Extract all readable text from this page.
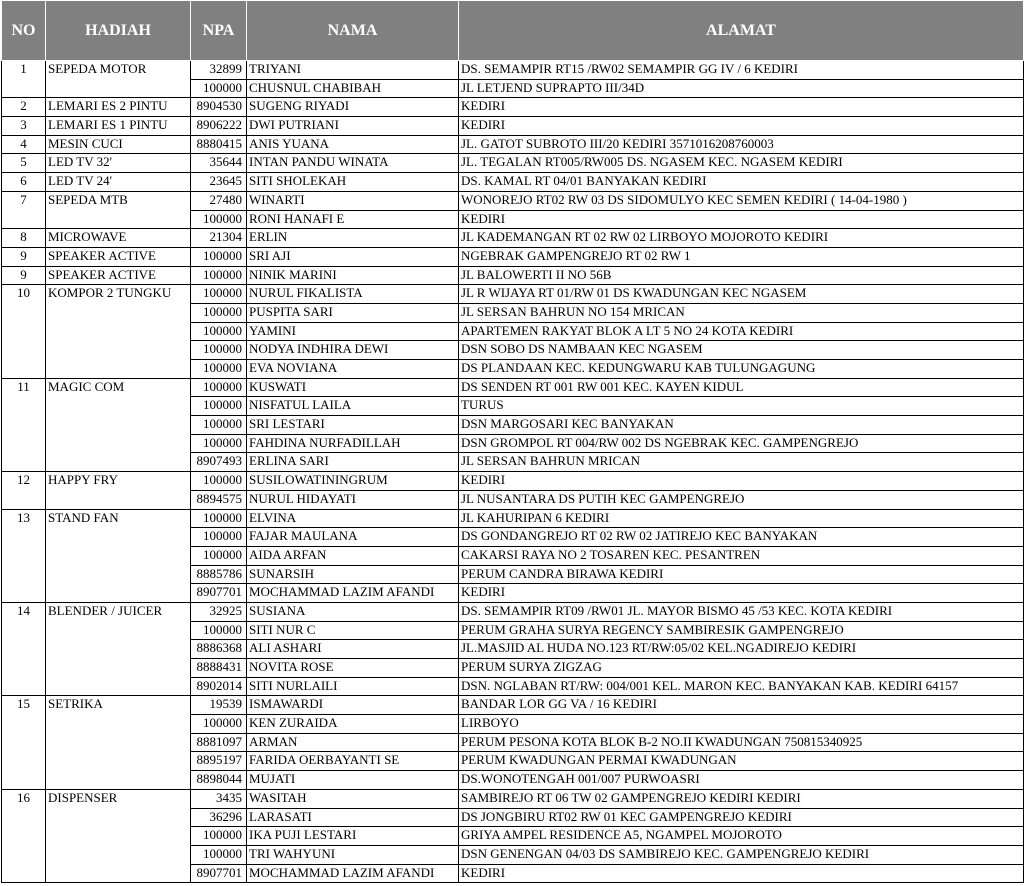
NO	HADIAH	NPA	NAMA	ALAMAT
1	SEPEDA MOTOR	32899	TRIYANI	DS. SEMAMPIR RT15 /RW02 SEMAMPIR GG IV / 6 KEDIRI
		100000	CHUSNUL CHABIBAH	JL LETJEND SUPRAPTO III/34D
2	LEMARI ES 2 PINTU	8904530	SUGENG RIYADI	KEDIRI
3	LEMARI ES 1 PINTU	8906222	DWI PUTRIANI	KEDIRI
4	MESIN CUCI	8880415	ANIS YUANA	JL. GATOT SUBROTO III/20 KEDIRI 3571016208760003
5	LED TV 32'	35644	INTAN PANDU WINATA	JL. TEGALAN RT005/RW005 DS. NGASEM KEC. NGASEM KEDIRI
6	LED TV 24'	23645	SITI SHOLEKAH	DS. KAMAL RT 04/01 BANYAKAN KEDIRI
7	SEPEDA MTB	27480	WINARTI	WONOREJO RT02 RW 03 DS SIDOMULYO KEC SEMEN KEDIRI ( 14-04-1980 )
		100000	RONI HANAFI E	KEDIRI
8	MICROWAVE	21304	ERLIN	JL KADEMANGAN RT 02 RW 02 LIRBOYO MOJOROTO KEDIRI
9	SPEAKER ACTIVE	100000	SRI AJI	NGEBRAK GAMPENGREJO RT 02 RW 1
9	SPEAKER ACTIVE	100000	NINIK MARINI	JL BALOWERTI II NO 56B
10	KOMPOR 2 TUNGKU	100000	NURUL FIKALISTA	JL R WIJAYA RT 01/RW 01 DS KWADUNGAN KEC NGASEM
		100000	PUSPITA SARI	JL SERSAN BAHRUN NO 154 MRICAN
		100000	YAMINI	APARTEMEN RAKYAT BLOK A LT 5 NO 24 KOTA KEDIRI
		100000	NODYA INDHIRA DEWI	DSN SOBO DS NAMBAAN KEC NGASEM
		100000	EVA NOVIANA	DS PLANDAAN KEC. KEDUNGWARU KAB TULUNGAGUNG
11	MAGIC COM	100000	KUSWATI	DS SENDEN RT 001 RW 001 KEC. KAYEN KIDUL
		100000	NISFATUL LAILA	TURUS
		100000	SRI LESTARI	DSN MARGOSARI KEC BANYAKAN
		100000	FAHDINA NURFADILLAH	DSN GROMPOL RT 004/RW 002 DS NGEBRAK KEC. GAMPENGREJO
		8907493	ERLINA SARI	JL SERSAN BAHRUN MRICAN
12	HAPPY FRY	100000	SUSILOWATININGRUM	KEDIRI
		8894575	NURUL HIDAYATI	JL NUSANTARA DS PUTIH KEC GAMPENGREJO
13	STAND FAN	100000	ELVINA	JL KAHURIPAN 6 KEDIRI
		100000	FAJAR MAULANA	DS GONDANGREJO RT 02 RW 02 JATIREJO KEC BANYAKAN
		100000	AIDA ARFAN	CAKARSI RAYA NO 2 TOSAREN KEC. PESANTREN
		8885786	SUNARSIH	PERUM CANDRA BIRAWA KEDIRI
		8907701	MOCHAMMAD LAZIM AFANDI	KEDIRI
14	BLENDER / JUICER	32925	SUSIANA	DS. SEMAMPIR RT09 /RW01 JL. MAYOR BISMO 45 /53 KEC. KOTA KEDIRI
		100000	SITI NUR C	PERUM GRAHA SURYA REGENCY SAMBIRESIK GAMPENGREJO
		8886368	ALI ASHARI	JL.MASJID AL HUDA NO.123 RT/RW:05/02 KEL.NGADIREJO KEDIRI
		8888431	NOVITA ROSE	PERUM SURYA ZIGZAG
		8902014	SITI NURLAILI	DSN. NGLABAN RT/RW: 004/001 KEL. MARON KEC. BANYAKAN KAB. KEDIRI 64157
15	SETRIKA	19539	ISMAWARDI	BANDAR LOR GG VA / 16 KEDIRI
		100000	KEN ZURAIDA	LIRBOYO
		8881097	ARMAN	PERUM PESONA KOTA BLOK B-2 NO.II KWADUNGAN 750815340925
		8895197	FARIDA OERBAYANTI SE	PERUM KWADUNGAN PERMAI KWADUNGAN
		8898044	MUJATI	DS.WONOTENGAH 001/007 PURWOASRI
16	DISPENSER	3435	WASITAH	SAMBIREJO RT 06 TW 02 GAMPENGREJO KEDIRI KEDIRI
		36296	LARASATI	DS JONGBIRU RT02 RW 01 KEC GAMPENGREJO KEDIRI
		100000	IKA PUJI LESTARI	GRIYA AMPEL RESIDENCE A5, NGAMPEL MOJOROTO
		100000	TRI WAHYUNI	DSN GENENGAN 04/03 DS SAMBIREJO KEC. GAMPENGREJO KEDIRI
		8907701	MOCHAMMAD LAZIM AFANDI	KEDIRI
